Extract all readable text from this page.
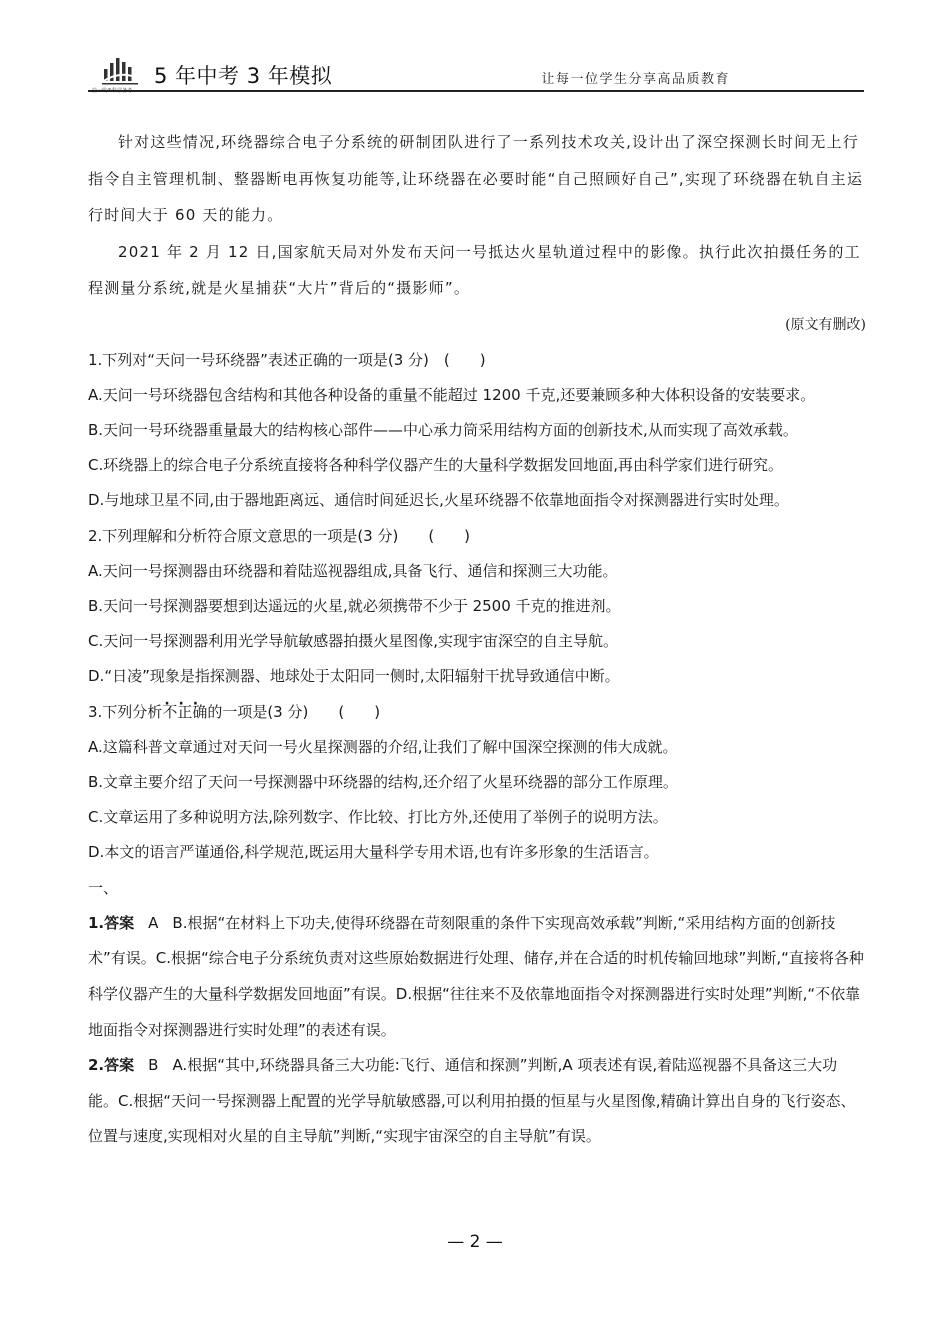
曲一线®科学备考
5 年中考 3 年模拟	让每一位学生分享高品质教育

针对这些情况,环绕器综合电子分系统的研制团队进行了一系列技术攻关,设计出了深空探测长时间无上行指令自主管理机制、整器断电再恢复功能等,让环绕器在必要时能“自己照顾好自己”,实现了环绕器在轨自主运行时间大于 60 天的能力。

2021 年 2 月 12 日,国家航天局对外发布天问一号抵达火星轨道过程中的影像。执行此次拍摄任务的工程测量分系统,就是火星捕获“大片”背后的“摄影师”。

(原文有删改)

1.下列对“天问一号环绕器”表述正确的一项是(3 分)　(　　)

A.天问一号环绕器包含结构和其他各种设备的重量不能超过 1200 千克,还要兼顾多种大体积设备的安装要求。

B.天问一号环绕器重量最大的结构核心部件——中心承力筒采用结构方面的创新技术,从而实现了高效承载。

C.环绕器上的综合电子分系统直接将各种科学仪器产生的大量科学数据发回地面,再由科学家们进行研究。

D.与地球卫星不同,由于器地距离远、通信时间延迟长,火星环绕器不依靠地面指令对探测器进行实时处理。

2.下列理解和分析符合原文意思的一项是(3 分)　　(　　)

A.天问一号探测器由环绕器和着陆巡视器组成,具备飞行、通信和探测三大功能。

B.天问一号探测器要想到达遥远的火星,就必须携带不少于 2500 千克的推进剂。

C.天问一号探测器利用光学导航敏感器拍摄火星图像,实现宇宙深空的自主导航。

D.“日凌”现象是指探测器、地球处于太阳同一侧时,太阳辐射干扰导致通信中断。

3.下列分析不正确 · · ·的一项是(3 分)　　(　　)

A.这篇科普文章通过对天问一号火星探测器的介绍,让我们了解中国深空探测的伟大成就。

B.文章主要介绍了天问一号探测器中环绕器的结构,还介绍了火星环绕器的部分工作原理。

C.文章运用了多种说明方法,除列数字、作比较、打比方外,还使用了举例子的说明方法。

D.本文的语言严谨通俗,科学规范,既运用大量科学专用术语,也有许多形象的生活语言。

一、

1.答案 A B.根据“在材料上下功夫,使得环绕器在苛刻限重的条件下实现高效承载”判断,“采用结构方面的创新技术”有误。C.根据“综合电子分系统负责对这些原始数据进行处理、储存,并在合适的时机传输回地球”判断,“直接将各种科学仪器产生的大量科学数据发回地面”有误。D.根据“往往来不及依靠地面指令对探测器进行实时处理”判断,“不依靠地面指令对探测器进行实时处理”的表述有误。

2.答案 B A.根据“其中,环绕器具备三大功能:飞行、通信和探测”判断,A 项表述有误,着陆巡视器不具备这三大功能。C.根据“天问一号探测器上配置的光学导航敏感器,可以利用拍摄的恒星与火星图像,精确计算出自身的飞行姿态、位置与速度,实现相对火星的自主导航”判断,“实现宇宙深空的自主导航”有误。

— 2 —
